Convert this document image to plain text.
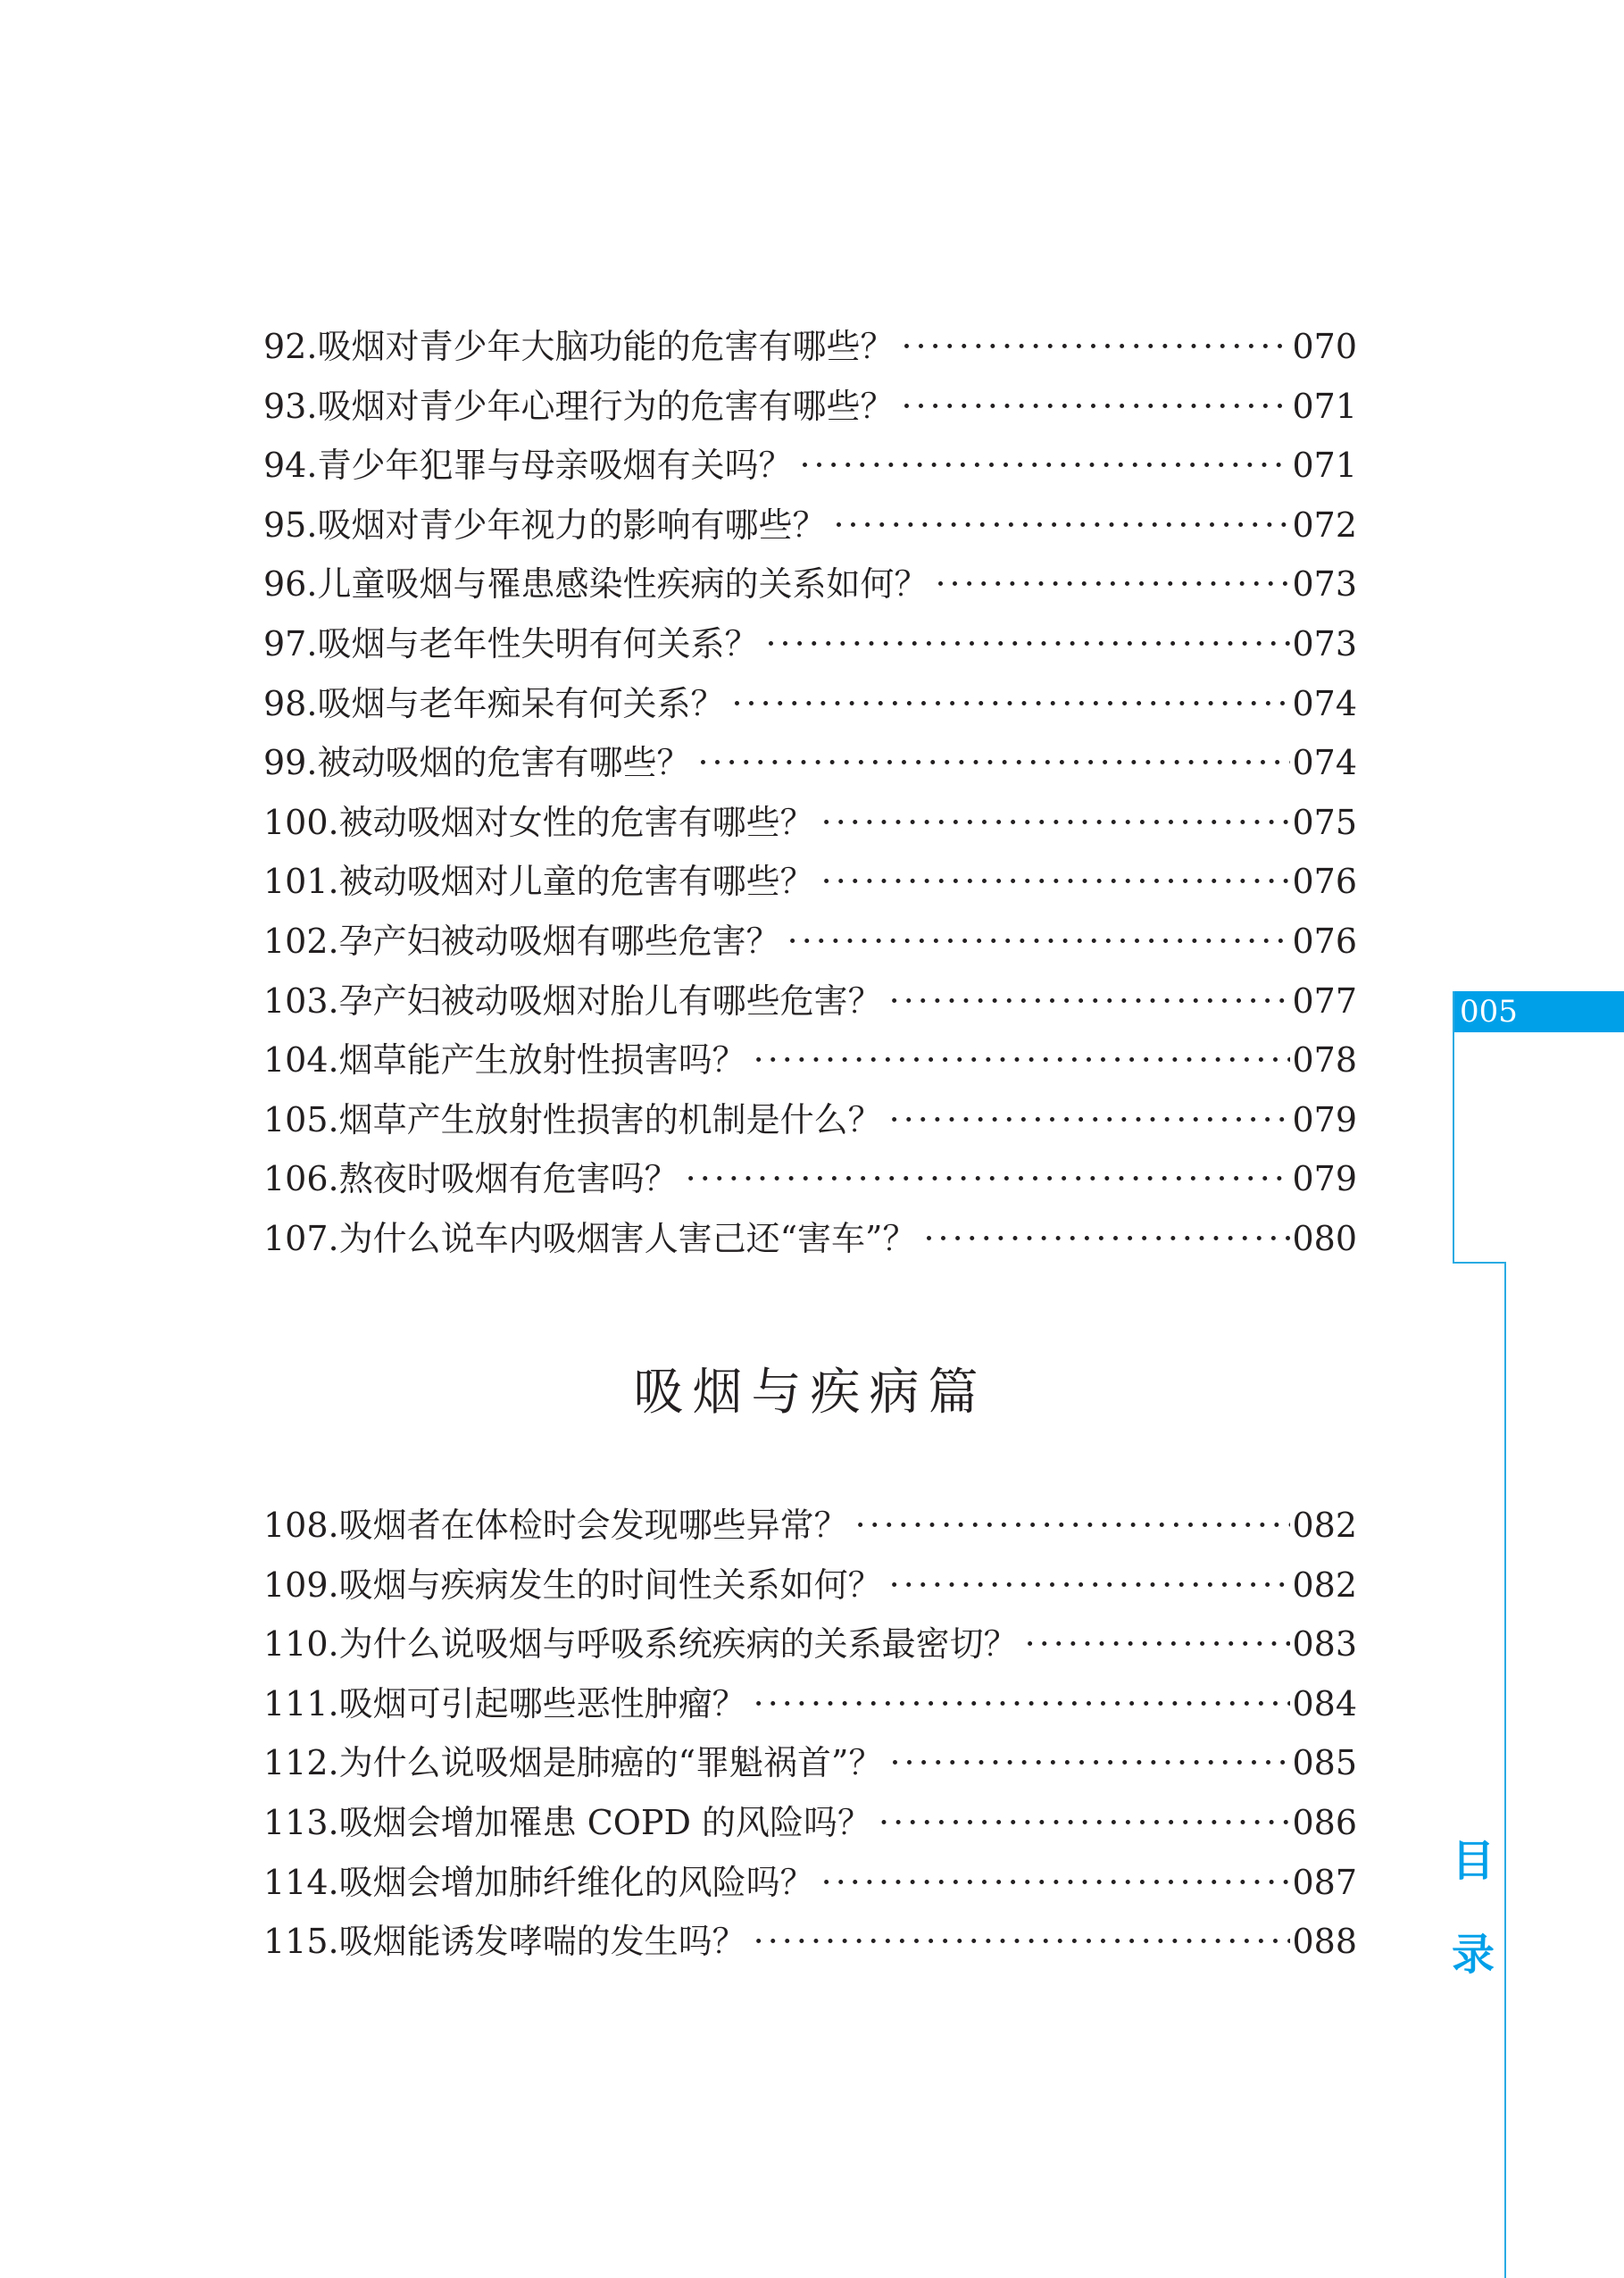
92. 吸烟对青少年大脑功能的危害有哪些？ ·····	070
93. 吸烟对青少年心理行为的危害有哪些？ ·····	071
94. 青少年犯罪与母亲吸烟有关吗？ ·····	071
95. 吸烟对青少年视力的影响有哪些？ ·····	072
96. 儿童吸烟与罹患感染性疾病的关系如何？ ·····	073
97. 吸烟与老年性失明有何关系？ ·····	073
98. 吸烟与老年痴呆有何关系？ ·····	074
99. 被动吸烟的危害有哪些？ ·····	074
100. 被动吸烟对女性的危害有哪些？ ·····	075
101. 被动吸烟对儿童的危害有哪些？ ·····	076
102. 孕产妇被动吸烟有哪些危害？ ·····	076
103. 孕产妇被动吸烟对胎儿有哪些危害？ ·····	077
104. 烟草能产生放射性损害吗？ ·····	078
105. 烟草产生放射性损害的机制是什么？ ·····	079
106. 熬夜时吸烟有危害吗？ ·····	079
107. 为什么说车内吸烟害人害己还“害车”？ ·····	080
吸烟与疾病篇
108. 吸烟者在体检时会发现哪些异常？ ·····	082
109. 吸烟与疾病发生的时间性关系如何？ ·····	082
110. 为什么说吸烟与呼吸系统疾病的关系最密切？ ·····	083
111. 吸烟可引起哪些恶性肿瘤？ ·····	084
112. 为什么说吸烟是肺癌的“罪魁祸首”？ ·····	085
113. 吸烟会增加罹患 COPD 的风险吗？ ·····	086
114. 吸烟会增加肺纤维化的风险吗？ ·····	087
115. 吸烟能诱发哮喘的发生吗？ ·····	088
005
目
录
